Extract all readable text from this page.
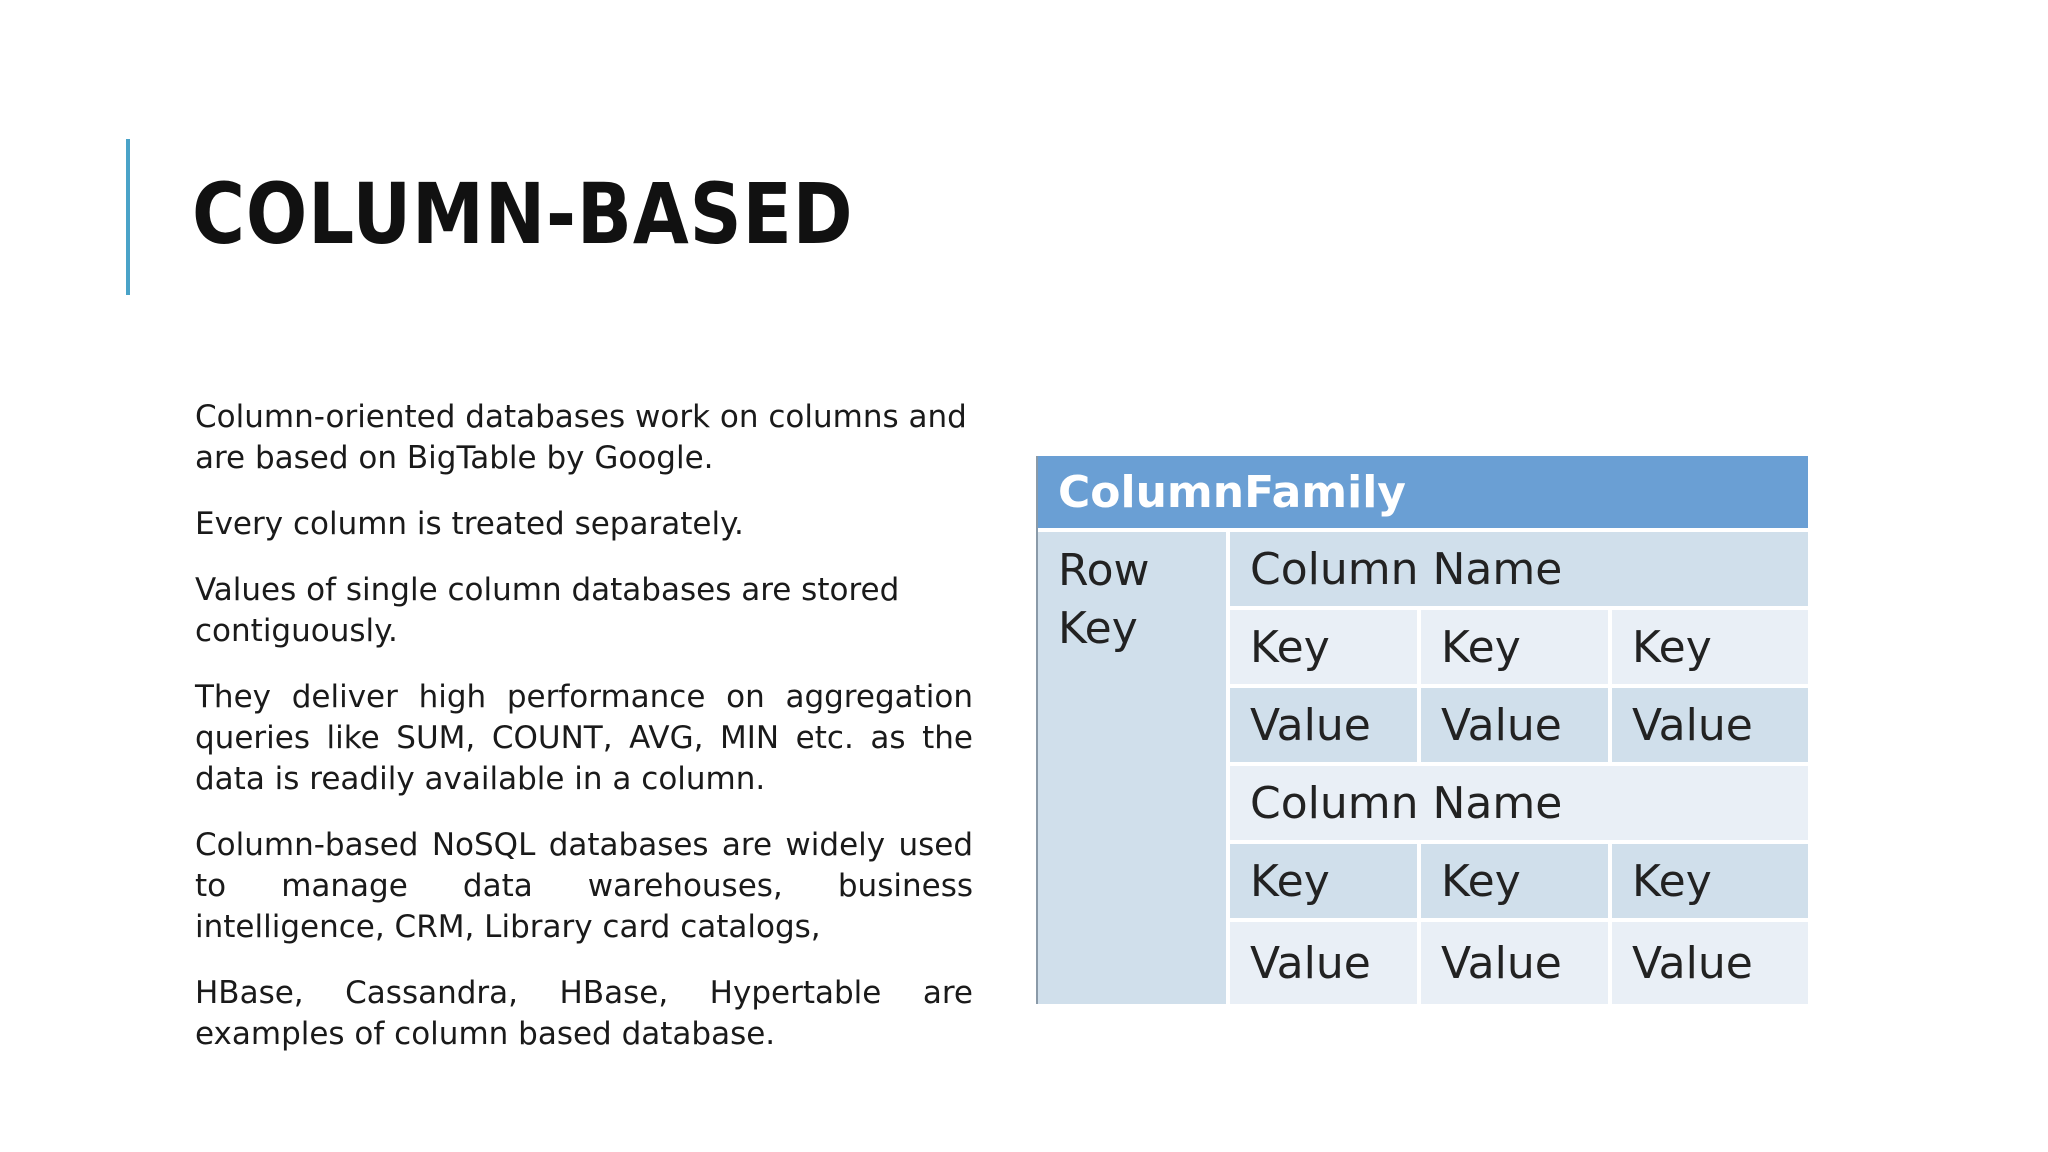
COLUMN-BASED

Column-oriented databases work on columns and are based on BigTable by Google.

Every column is treated separately.

Values of single column databases are stored contiguously.

They deliver high performance on aggregation queries like SUM, COUNT, AVG, MIN etc. as the data is readily available in a column.

Column-based NoSQL databases are widely used to manage data warehouses, business intelligence, CRM, Library card catalogs,

HBase, Cassandra, HBase, Hypertable are examples of column based database.

ColumnFamily
Row
Key
Column Name
Key	Key	Key
Value	Value	Value
Column Name
Key	Key	Key
Value	Value	Value
